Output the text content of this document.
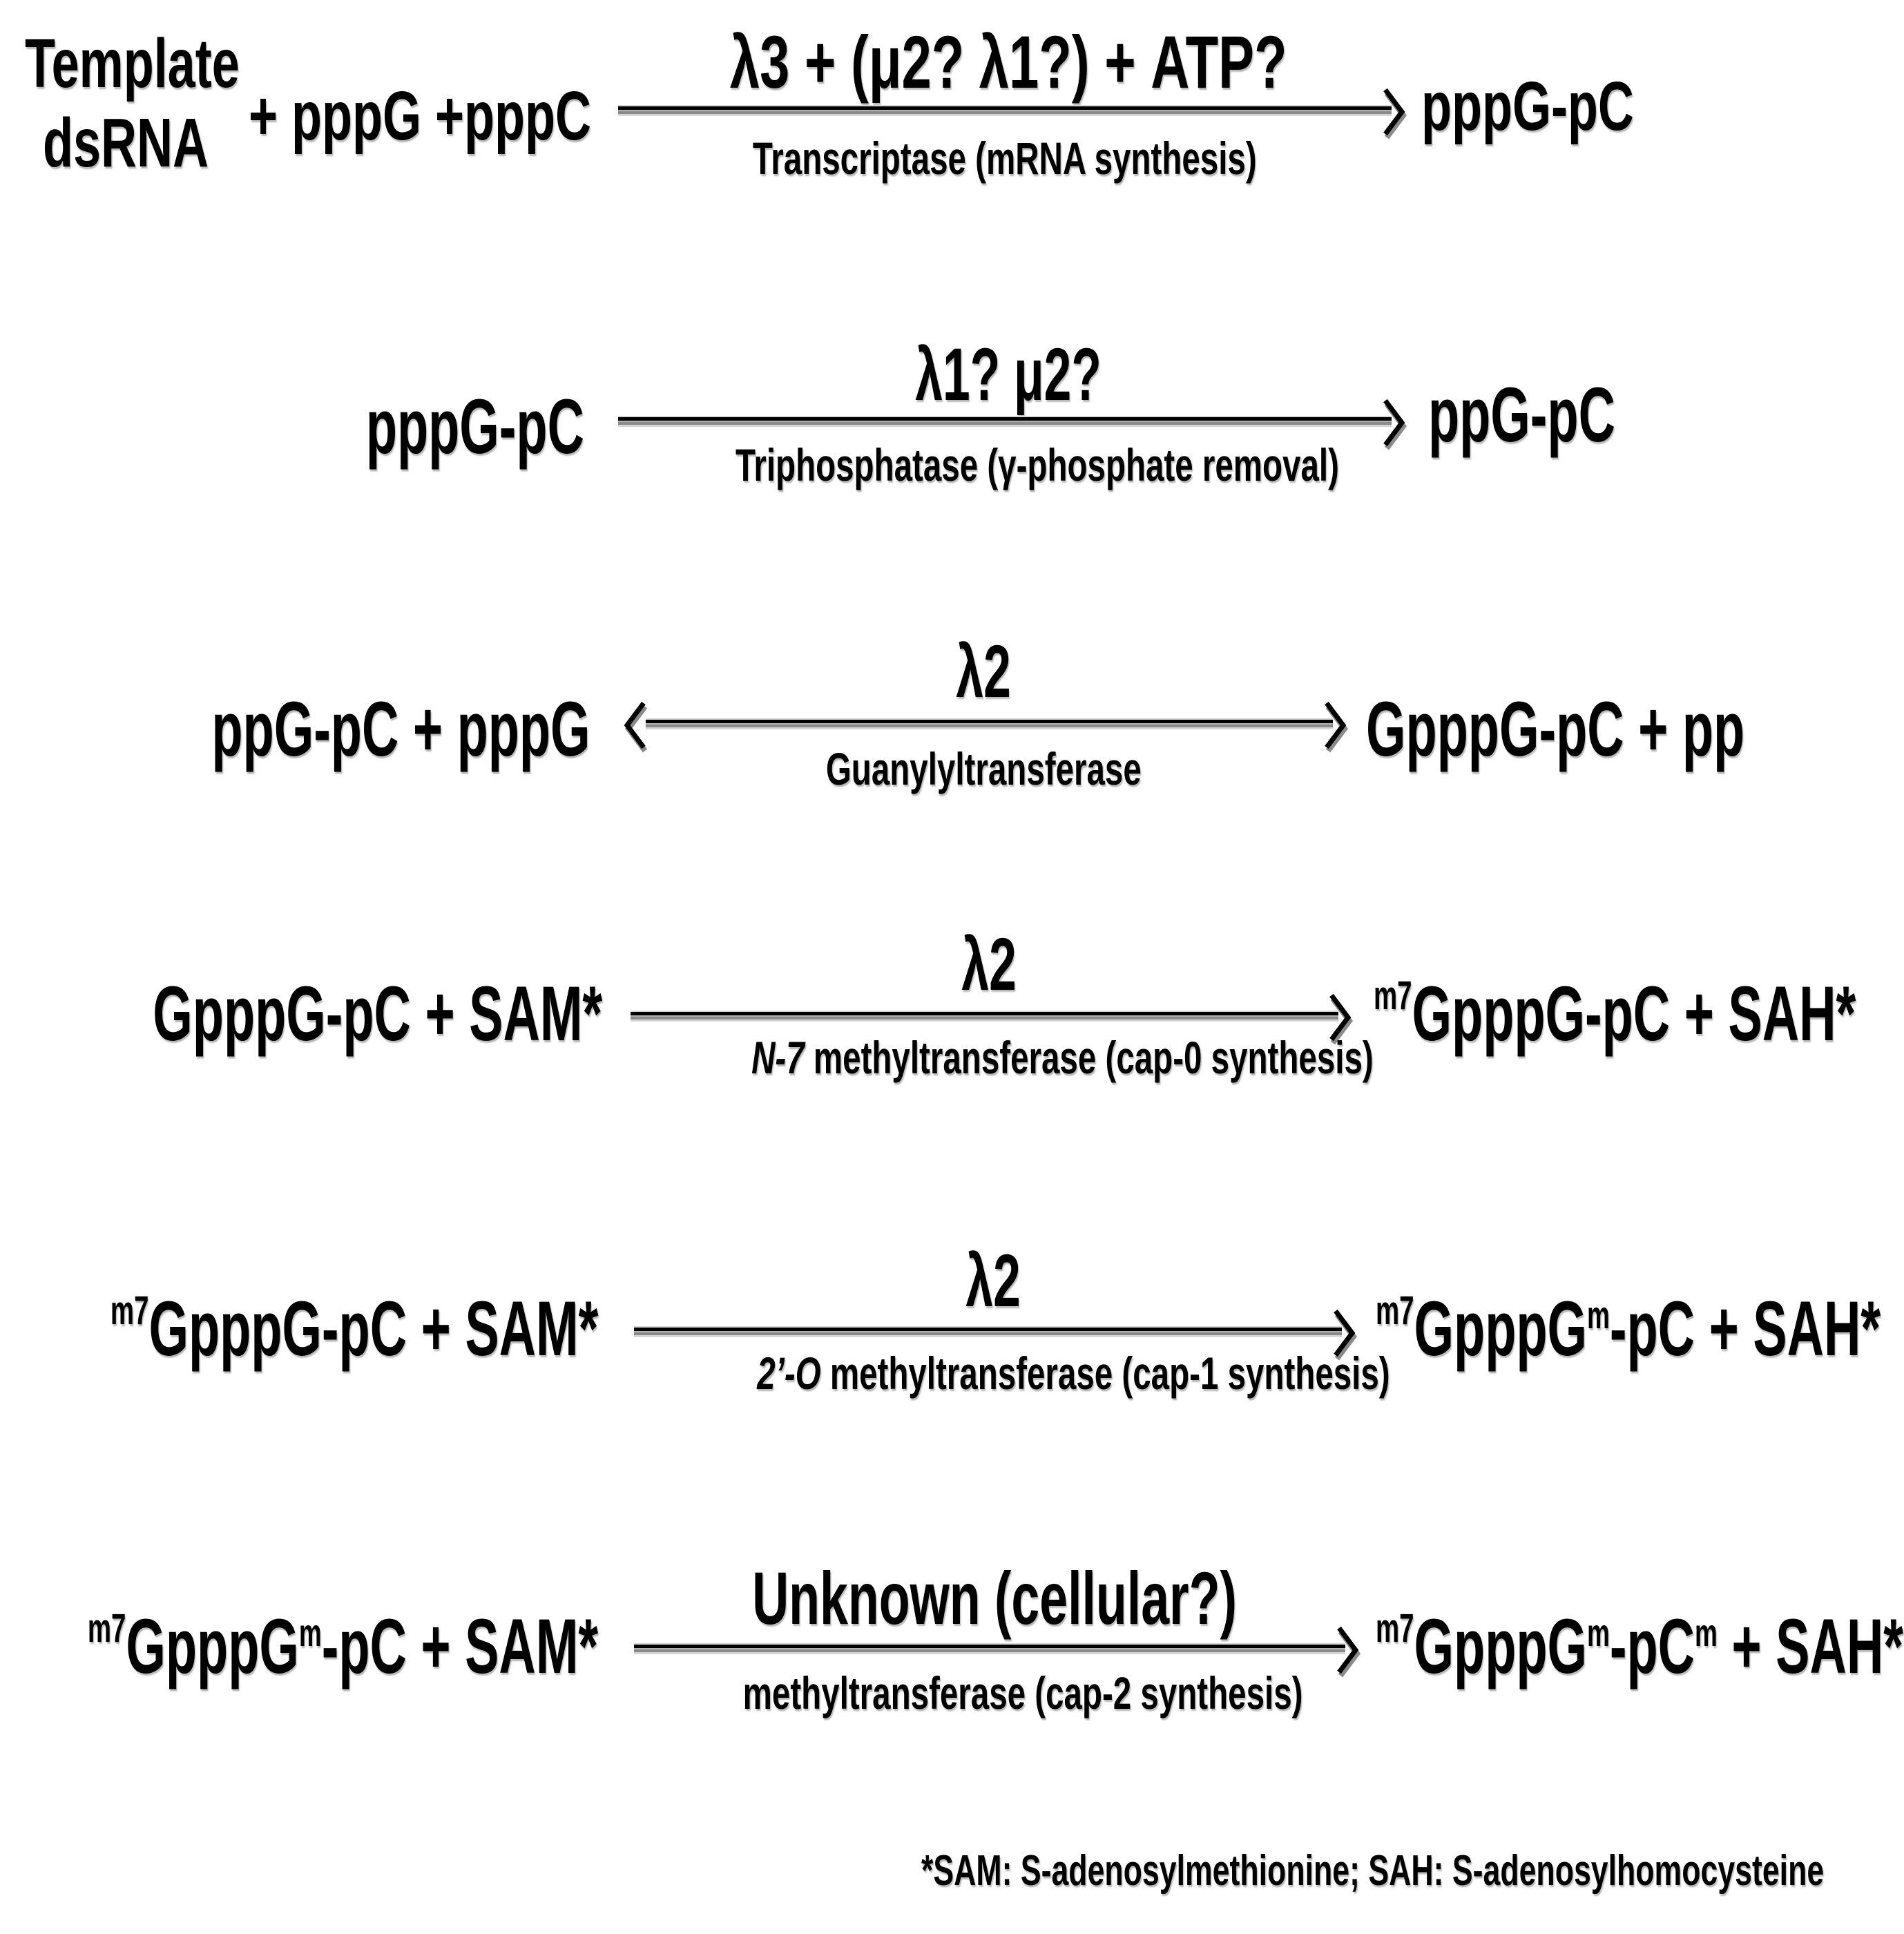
Template
dsRNA + pppG +pppC
λ3 + (μ2? λ1?) + ATP?
Transcriptase (mRNA synthesis)
pppG-pC
pppG-pC
λ1? μ2?
Triphosphatase (γ-phosphate removal)
ppG-pC
ppG-pC + pppG
λ2
Guanylyltransferase	GpppG-pC + pp
GpppG-pC + SAM*
λ2
N-7 methyltransferase (cap-0 synthesis)
$^{m7}$GpppG-pC + SAH*
$^{m7}$GpppG-pC + SAM*
λ2
2’-O methyltransferase (cap-1 synthesis)
$^{m7}$GpppG$^m$-pC + SAH*
$^{m7}$GpppG$^m$-pC + SAM*
Unknown (cellular?)
methyltransferase (cap-2 synthesis)
$^{m7}GpppG^m-pC^m + SAH*$
*SAM: S-adenosylmethionine; SAH: S-adenosylhomocysteine
